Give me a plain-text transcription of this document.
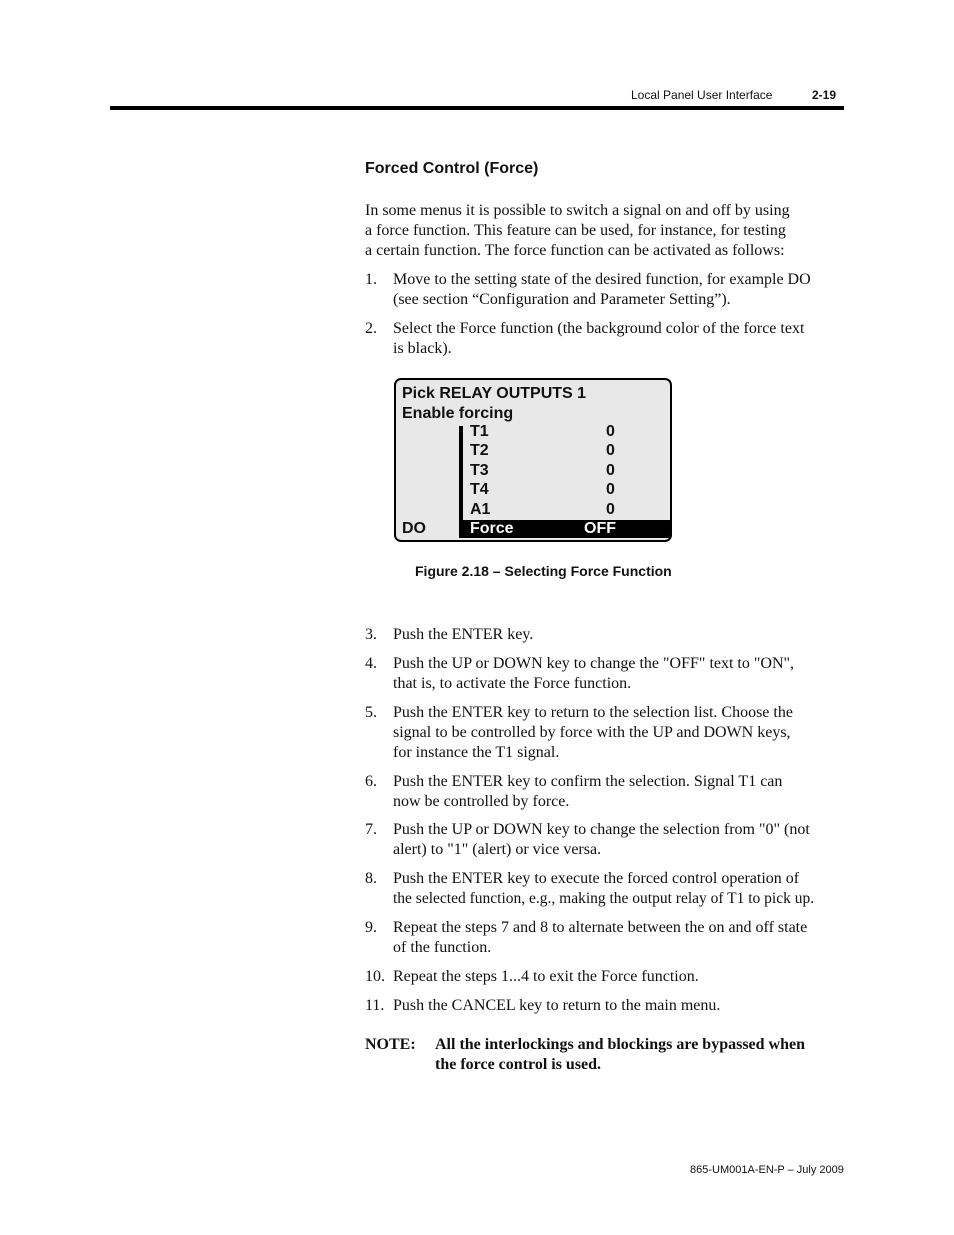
Local Panel User Interface	2-19
Forced Control (Force)
In some menus it is possible to switch a signal on and off by using
a force function. This feature can be used, for instance, for testing
a certain function. The force function can be activated as follows:
1. Move to the setting state of the desired function, for example DO
(see section “Configuration and Parameter Setting”).
2. Select the Force function (the background color of the force text
is black).
Pick RELAY OUTPUTS 1
Enable forcing
T1	0
T2	0
T3	0
T4	0
A1	0
DO	Force	OFF
Figure 2.18 – Selecting Force Function
3. Push the ENTER key.
4. Push the UP or DOWN key to change the "OFF" text to "ON",
that is, to activate the Force function.
5. Push the ENTER key to return to the selection list. Choose the
signal to be controlled by force with the UP and DOWN keys,
for instance the T1 signal.
6. Push the ENTER key to confirm the selection. Signal T1 can
now be controlled by force.
7. Push the UP or DOWN key to change the selection from "0" (not
alert) to "1" (alert) or vice versa.
8. Push the ENTER key to execute the forced control operation of
the selected function, e.g., making the output relay of T1 to pick up.
9. Repeat the steps 7 and 8 to alternate between the on and off state
of the function.
10. Repeat the steps 1...4 to exit the Force function.
11. Push the CANCEL key to return to the main menu.
NOTE: All the interlockings and blockings are bypassed when
the force control is used.
865-UM001A-EN-P – July 2009
